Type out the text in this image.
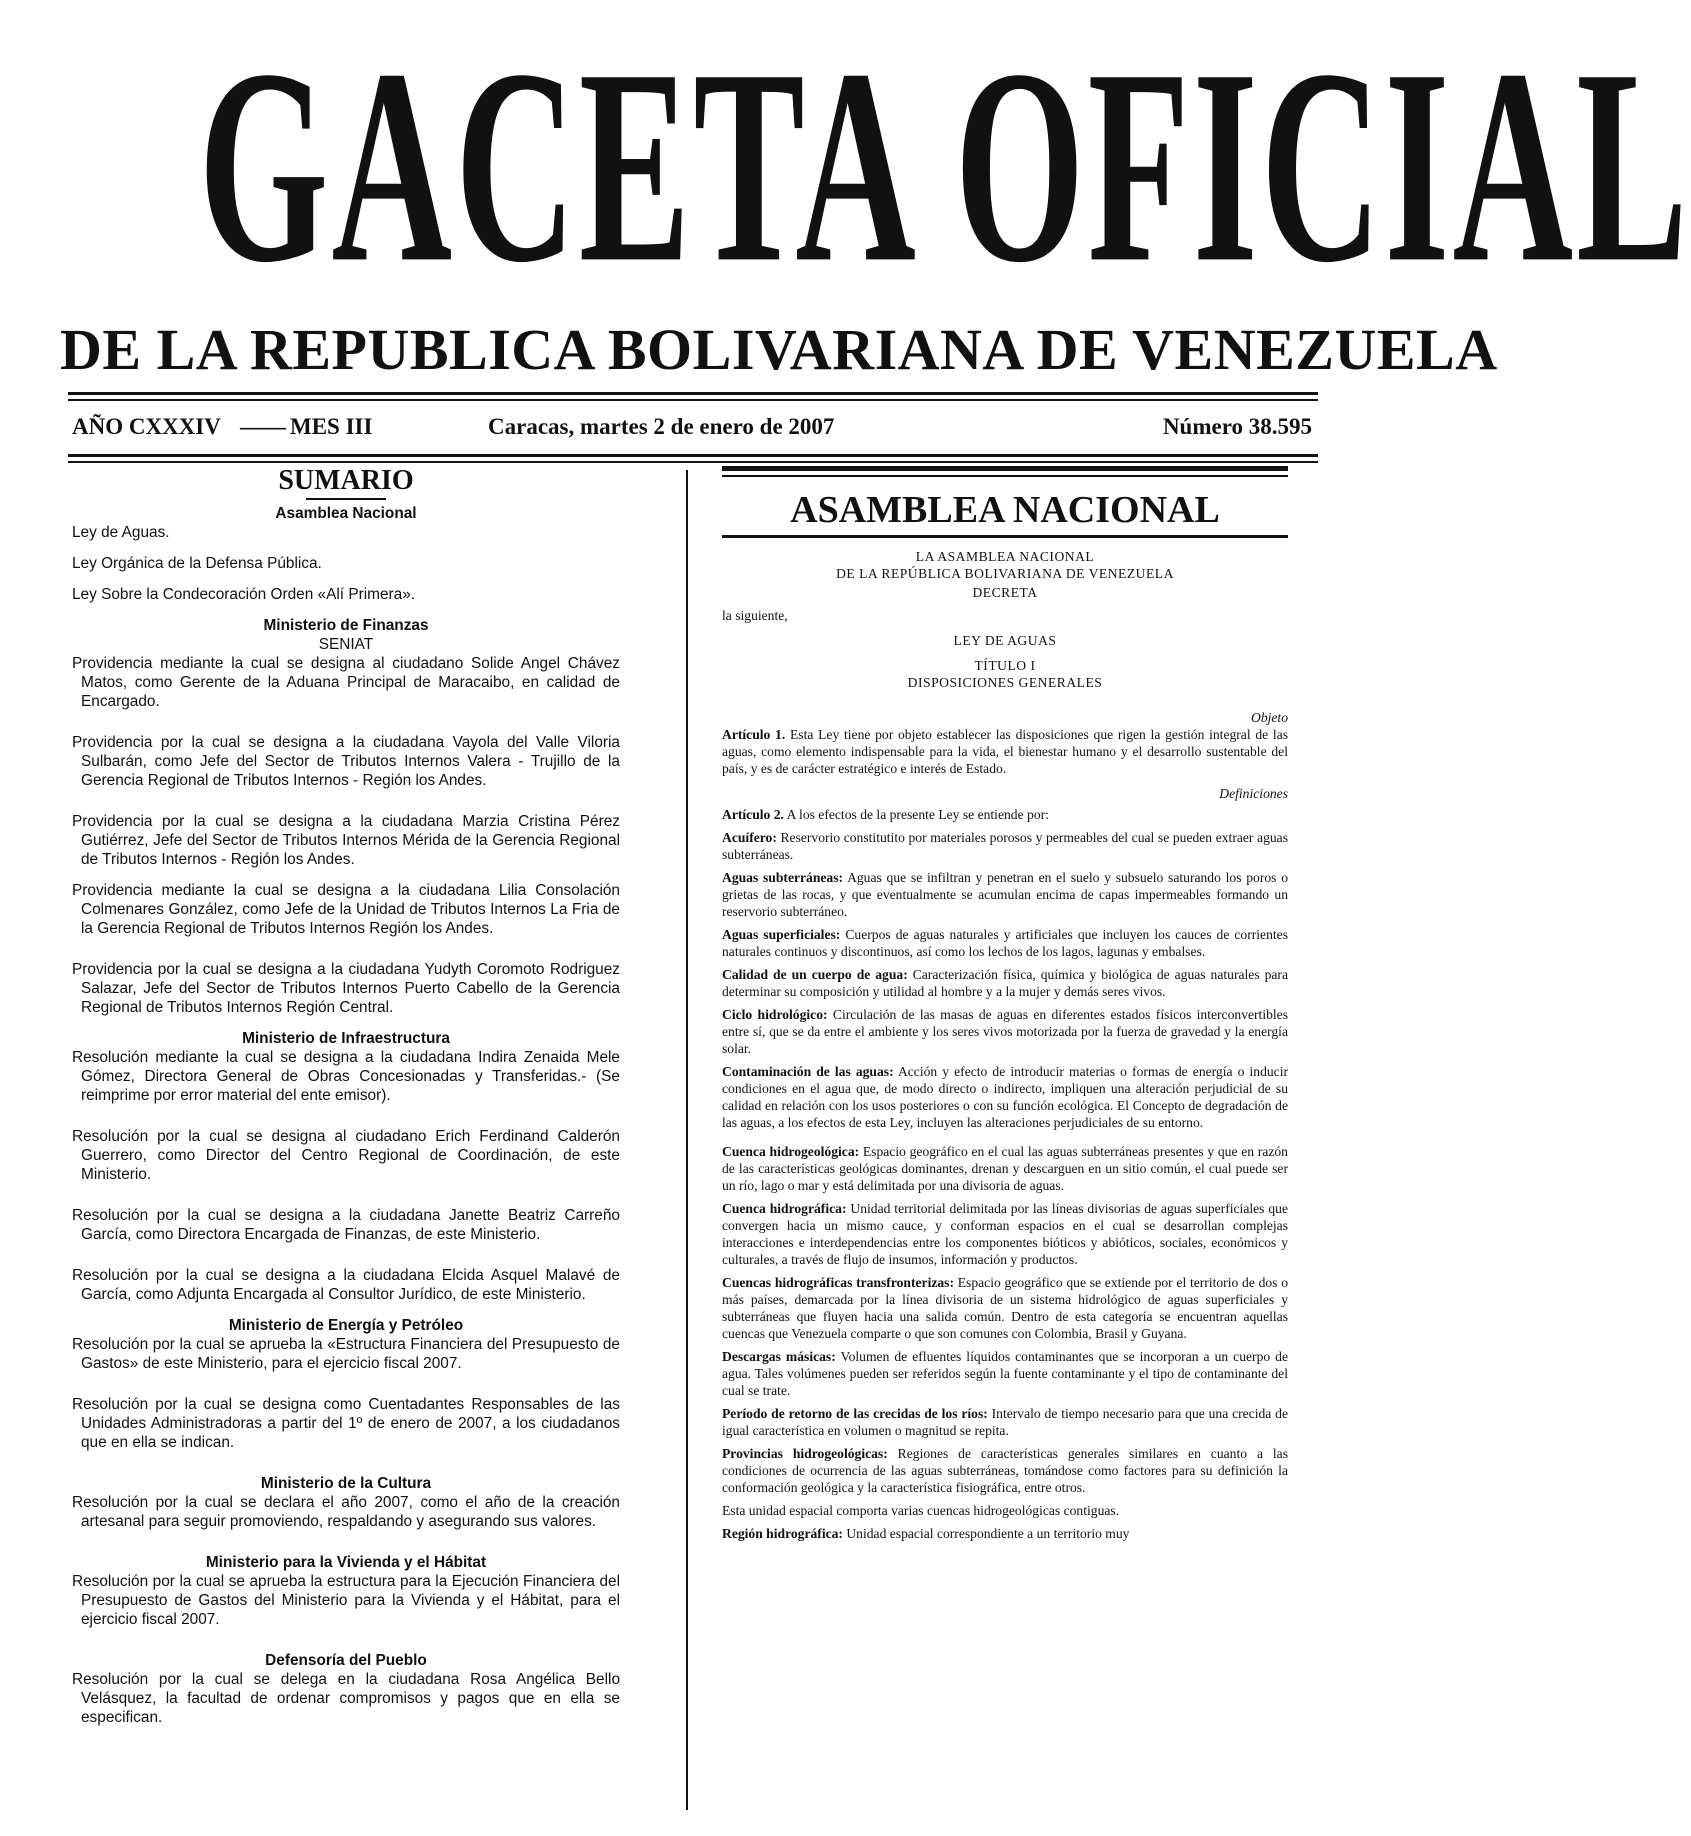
GACETA OFICIAL
DE LA REPUBLICA BOLIVARIANA DE VENEZUELA
AÑO CXXXIV —— MES III	Caracas, martes 2 de enero de 2007	Número 38.595
SUMARIO
Asamblea Nacional
Ley de Aguas.
Ley Orgánica de la Defensa Pública.
Ley Sobre la Condecoración Orden «Alí Primera».
Ministerio de Finanzas
SENIAT
Providencia mediante la cual se designa al ciudadano Solide Angel Chávez Matos, como Gerente de la Aduana Principal de Maracaibo, en calidad de Encargado.
Providencia por la cual se designa a la ciudadana Vayola del Valle Viloria Sulbarán, como Jefe del Sector de Tributos Internos Valera - Trujillo de la Gerencia Regional de Tributos Internos - Región los Andes.
Providencia por la cual se designa a la ciudadana Marzia Cristina Pérez Gutiérrez, Jefe del Sector de Tributos Internos Mérida de la Gerencia Regional de Tributos Internos - Región los Andes.
Providencia mediante la cual se designa a la ciudadana Lilia Consolación Colmenares González, como Jefe de la Unidad de Tributos Internos La Fria de la Gerencia Regional de Tributos Internos Región los Andes.
Providencia por la cual se designa a la ciudadana Yudyth Coromoto Rodriguez Salazar, Jefe del Sector de Tributos Internos Puerto Cabello de la Gerencia Regional de Tributos Internos Región Central.
Ministerio de Infraestructura
Resolución mediante la cual se designa a la ciudadana Indira Zenaida Mele Gómez, Directora General de Obras Concesionadas y Transferidas.- (Se reimprime por error material del ente emisor).
Resolución por la cual se designa al ciudadano Erich Ferdinand Calderón Guerrero, como Director del Centro Regional de Coordinación, de este Ministerio.
Resolución por la cual se designa a la ciudadana Janette Beatriz Carreño García, como Directora Encargada de Finanzas, de este Ministerio.
Resolución por la cual se designa a la ciudadana Elcida Asquel Malavé de García, como Adjunta Encargada al Consultor Jurídico, de este Ministerio.
Ministerio de Energía y Petróleo
Resolución por la cual se aprueba la «Estructura Financiera del Presupuesto de Gastos» de este Ministerio, para el ejercicio fiscal 2007.
Resolución por la cual se designa como Cuentadantes Responsables de las Unidades Administradoras a partir del 1º de enero de 2007, a los ciudadanos que en ella se indican.
Ministerio de la Cultura
Resolución por la cual se declara el año 2007, como el año de la creación artesanal para seguir promoviendo, respaldando y asegurando sus valores.
Ministerio para la Vivienda y el Hábitat
Resolución por la cual se aprueba la estructura para la Ejecución Financiera del Presupuesto de Gastos del Ministerio para la Vivienda y el Hábitat, para el ejercicio fiscal 2007.
Defensoría del Pueblo
Resolución por la cual se delega en la ciudadana Rosa Angélica Bello Velásquez, la facultad de ordenar compromisos y pagos que en ella se especifican.
ASAMBLEA NACIONAL
LA ASAMBLEA NACIONAL
DE LA REPÚBLICA BOLIVARIANA DE VENEZUELA
DECRETA
la siguiente,
LEY DE AGUAS
TÍTULO I
DISPOSICIONES GENERALES
Objeto
Artículo 1. Esta Ley tiene por objeto establecer las disposiciones que rigen la gestión integral de las aguas, como elemento indispensable para la vida, el bienestar humano y el desarrollo sustentable del país, y es de carácter estratégico e interés de Estado.
Definiciones
Artículo 2. A los efectos de la presente Ley se entiende por:
Acuífero: Reservorio constitutito por materiales porosos y permeables del cual se pueden extraer aguas subterráneas.
Aguas subterráneas: Aguas que se infiltran y penetran en el suelo y subsuelo saturando los poros o grietas de las rocas, y que eventualmente se acumulan encima de capas impermeables formando un reservorio subterráneo.
Aguas superficiales: Cuerpos de aguas naturales y artificiales que incluyen los cauces de corrientes naturales continuos y discontinuos, así como los lechos de los lagos, lagunas y embalses.
Calidad de un cuerpo de agua: Caracterización física, química y biológica de aguas naturales para determinar su composición y utilidad al hombre y a la mujer y demás seres vivos.
Ciclo hidrológico: Circulación de las masas de aguas en diferentes estados físicos interconvertibles entre sí, que se da entre el ambiente y los seres vivos motorizada por la fuerza de gravedad y la energía solar.
Contaminación de las aguas: Acción y efecto de introducir materias o formas de energía o inducir condiciones en el agua que, de modo directo o indirecto, impliquen una alteración perjudicial de su calidad en relación con los usos posteriores o con su función ecológica. El Concepto de degradación de las aguas, a los efectos de esta Ley, incluyen las alteraciones perjudiciales de su entorno.
Cuenca hidrogeológica: Espacio geográfico en el cual las aguas subterráneas presentes y que en razón de las características geológicas dominantes, drenan y descarguen en un sitio común, el cual puede ser un río, lago o mar y está delimitada por una divisoria de aguas.
Cuenca hidrográfica: Unidad territorial delimitada por las líneas divisorias de aguas superficiales que convergen hacia un mismo cauce, y conforman espacios en el cual se desarrollan complejas interacciones e interdependencias entre los componentes bióticos y abióticos, sociales, económicos y culturales, a través de flujo de insumos, información y productos.
Cuencas hidrográficas transfronterizas: Espacio geográfico que se extiende por el territorio de dos o más países, demarcada por la línea divisoria de un sistema hidrológico de aguas superficiales y subterráneas que fluyen hacia una salida común. Dentro de esta categoría se encuentran aquellas cuencas que Venezuela comparte o que son comunes con Colombia, Brasil y Guyana.
Descargas másicas: Volumen de efluentes líquidos contaminantes que se incorporan a un cuerpo de agua. Tales volúmenes pueden ser referidos según la fuente contaminante y el tipo de contaminante del cual se trate.
Período de retorno de las crecidas de los ríos: Intervalo de tiempo necesario para que una crecida de igual característica en volumen o magnitud se repita.
Provincias hidrogeológicas: Regiones de características generales similares en cuanto a las condiciones de ocurrencia de las aguas subterráneas, tomándose como factores para su definición la conformación geológica y la característica fisiográfica, entre otros.
Esta unidad espacial comporta varias cuencas hidrogeológicas contiguas.
Región hidrográfica: Unidad espacial correspondiente a un territorio muy
